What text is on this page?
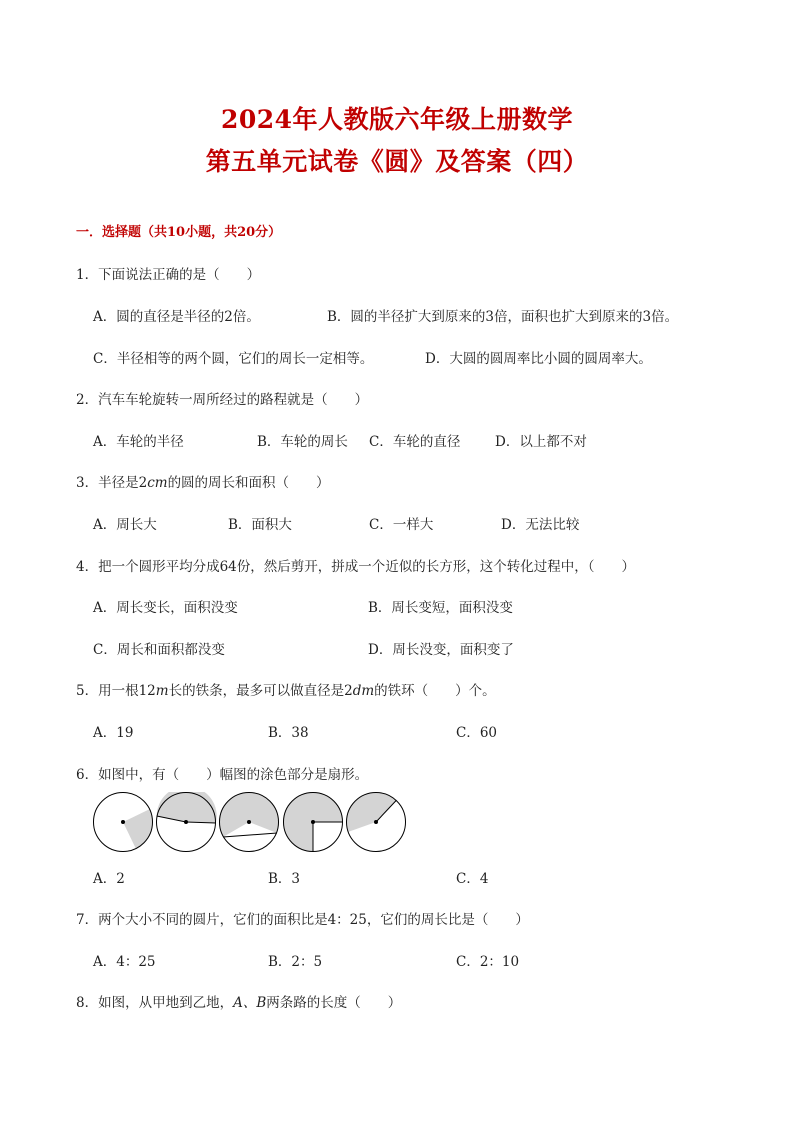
2024年人教版六年级上册数学
第五单元试卷《圆》及答案（四）
一．选择题（共10小题，共20分）
1．下面说法正确的是（　　）
A．圆的直径是半径的2倍。	B．圆的半径扩大到原来的3倍，面积也扩大到原来的3倍。
C．半径相等的两个圆，它们的周长一定相等。	D．大圆的圆周率比小圆的圆周率大。
2．汽车车轮旋转一周所经过的路程就是（　　）
A．车轮的半径	B．车轮的周长 C．车轮的直径	D．以上都不对
3．半径是2cm的圆的周长和面积（　　）
A．周长大	B．面积大	C．一样大	D．无法比较
4．把一个圆形平均分成64份，然后剪开，拼成一个近似的长方形，这个转化过程中，（　　）
A．周长变长，面积没变	B．周长变短，面积没变
C．周长和面积都没变	D．周长没变，面积变了
5．用一根12m长的铁条，最多可以做直径是2dm的铁环（　　）个。
A．19	B．38	C．60
6．如图中，有（　　）幅图的涂色部分是扇形。
A．2	B．3	C．4
7．两个大小不同的圆片，它们的面积比是4：25，它们的周长比是（　　）
A．4：25	B．2：5	C．2：10
8．如图，从甲地到乙地，A、B两条路的长度（　　）
